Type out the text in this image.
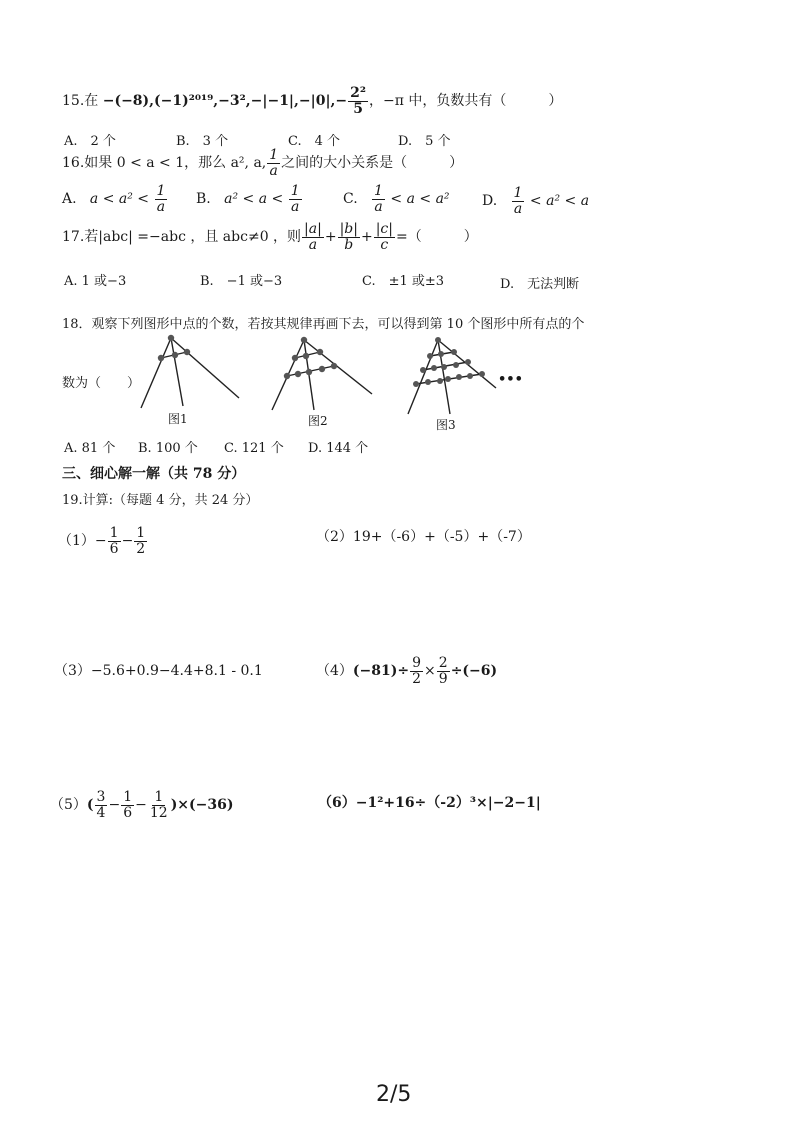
15.在 $-(-8),(-1)^{2019},-3^2,-|-1|,-|0|,- \frac{\text{2²}}{5}$ ，−π 中，负数共有（　　　）
A.　2 个	B.　3 个	C.　4 个	D.　5 个
16.如果 0 < a < 1，那么 a², a, $\frac{1}{a}$ 之间的大小关系是（　　　）
A. $a < a^2 < \frac{1}{a} B$. $a^2 < a < \frac{1}{a}$	C. $\frac{1}{a} < a < a^2$ D. $\frac{1}{a} < a^2 < a$
17.若|abc| =−abc ，且 abc≠0 ，则 $\frac{|a|}{a} + \frac{|b|}{b} + \frac{|c|}{c}$ =（　　　）
A. 1 或−3	B.　−1 或−3	C.　±1 或±3	D.　无法判断
18．观察下列图形中点的个数，若按其规律再画下去，可以得到第 10 个图形中所有点的个
数为（　　）
图1	图2	图3
•••
A. 81 个 B. 100 个 C. 121 个 D. 144 个
三、细心解一解（共 78 分）
19.计算:（每题 4 分，共 24 分）
$(1)- \frac{1}{6} - \frac{1}{2}$	（2）19+（-6）+（-5）+（-7）
（3）−5.6+0.9−4.4+8.1 - 0.1	$(4)(-81)\div \frac{9}{2} \times \frac{2}{9} \div(-6)$
$(5)( \frac{3}{4} - \frac{1}{6} - \frac{1}{12} )\times(-36)$	（6）−1²+16÷（-2）³×|−2−1|
2/5
